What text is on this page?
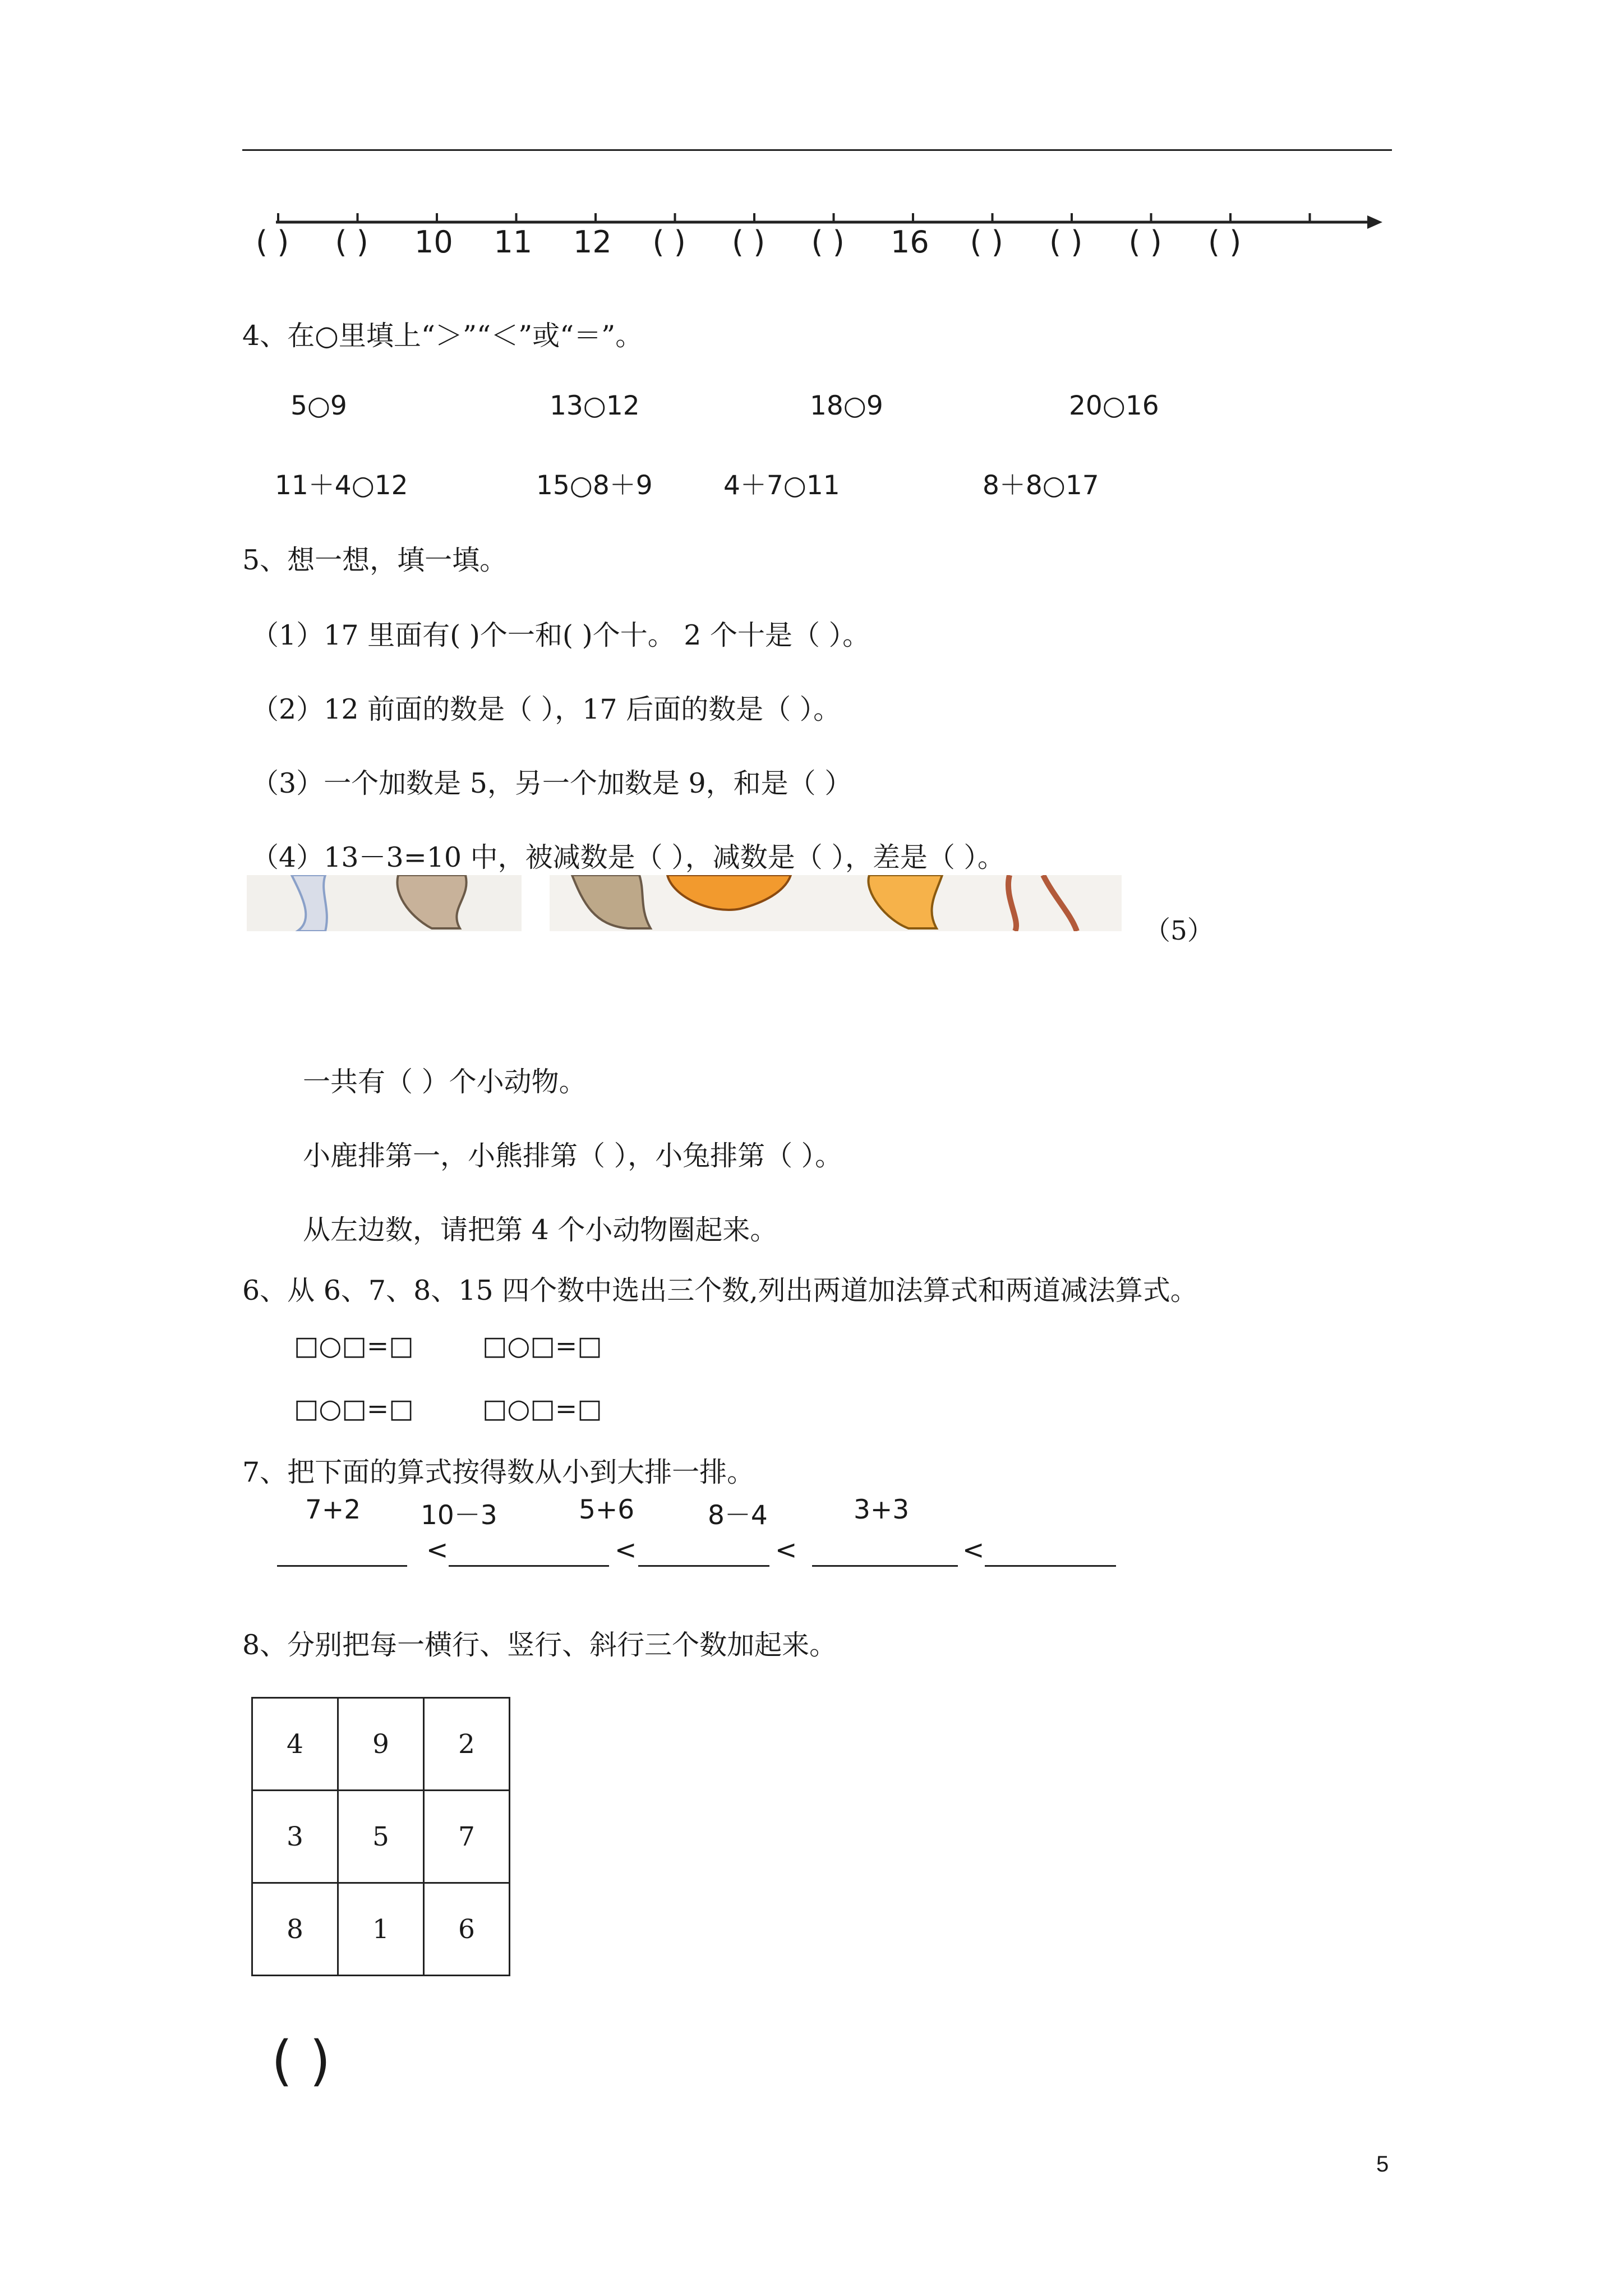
( ) ( ) 10 11 12 ( ) ( ) ( ) 16 ( ) ( ) ( ) ( )
4、在○里填上“＞”“＜”或“＝”。
5○9	13○12	18○9	20○16
11＋4○12	15○8＋9	4＋7○11	8＋8○17
5、想一想，填一填。
（1）17 里面有( )个一和( )个十。 2 个十是（ ）。
（2）12 前面的数是（ ），17 后面的数是（ ）。
（3）一个加数是 5，另一个加数是 9，和是（ ）
（4）13－3=10 中，被减数是（ ），减数是（ ），差是（ ）。
（5）
一共有（ ）个小动物。
小鹿排第一，小熊排第（ ），小兔排第（ ）。
从左边数，请把第 4 个小动物圈起来。
6、从 6、7、8、15 四个数中选出三个数,列出两道加法算式和两道减法算式。
□○□=□	□○□=□
□○□=□	□○□=□
7、把下面的算式按得数从小到大排一排。
7+2 10－3	5+6	8－4	3+3
<	<	<	<
8、分别把每一横行、竖行、斜行三个数加起来。
4	9	2
3	5	7
8	1	6
( )
5
